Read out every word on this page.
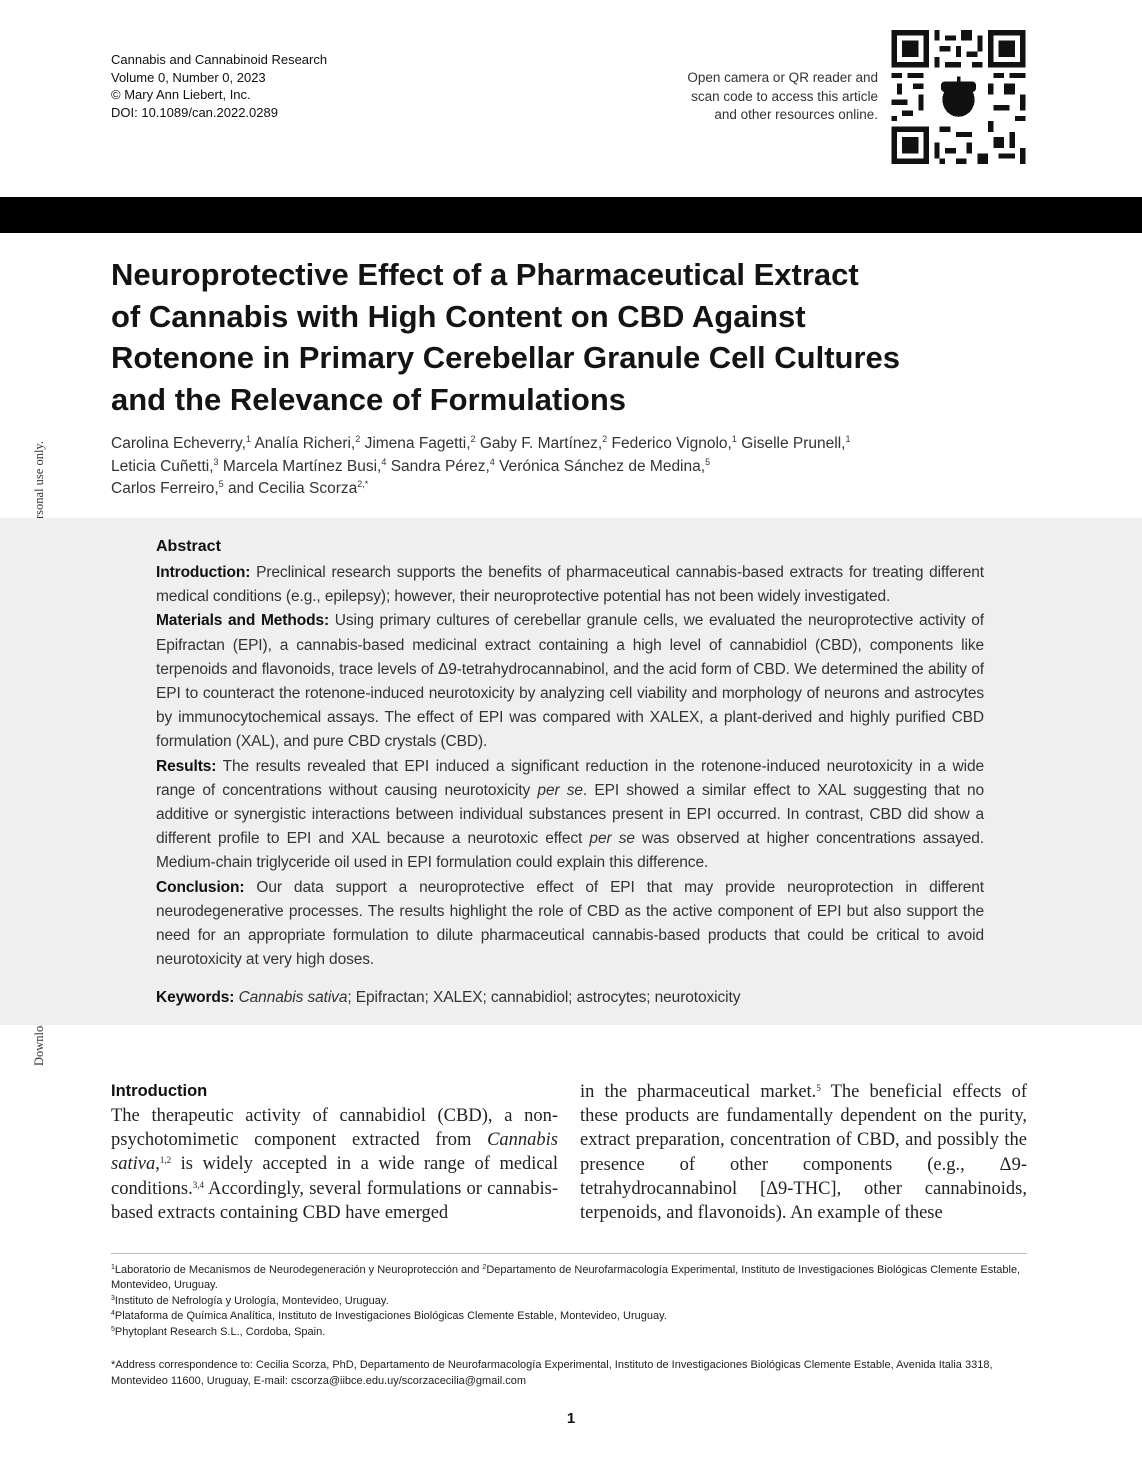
Cannabis and Cannabinoid Research
Volume 0, Number 0, 2023
© Mary Ann Liebert, Inc.
DOI: 10.1089/can.2022.0289
Open camera or QR reader and
scan code to access this article
and other resources online.
Neuroprotective Effect of a Pharmaceutical Extract
of Cannabis with High Content on CBD Against
Rotenone in Primary Cerebellar Granule Cell Cultures
and the Relevance of Formulations
Carolina Echeverry,$^1$ Analía Richeri,$^2$ Jimena Fagetti,$^2$ Gaby F. Martínez,$^2$ Federico Vignolo,$^1$ Giselle Prunell,$^1$
Leticia Cuñetti,$^3$ Marcela Martínez Busi,$^4$ Sandra Pérez,$^4$ Verónica Sánchez de Medina,$^5$
Carlos Ferreiro,$^5$ and Cecilia Scorza$^{2,*}$
Abstract

Introduction: Preclinical research supports the benefits of pharmaceutical cannabis-based extracts for treating different medical conditions (e.g., epilepsy); however, their neuroprotective potential has not been widely investigated.

Materials and Methods: Using primary cultures of cerebellar granule cells, we evaluated the neuroprotective activity of Epifractan (EPI), a cannabis-based medicinal extract containing a high level of cannabidiol (CBD), components like terpenoids and flavonoids, trace levels of Δ9-tetrahydrocannabinol, and the acid form of CBD. We determined the ability of EPI to counteract the rotenone-induced neurotoxicity by analyzing cell viability and morphology of neurons and astrocytes by immunocytochemical assays. The effect of EPI was compared with XALEX, a plant-derived and highly purified CBD formulation (XAL), and pure CBD crystals (CBD).

Results: The results revealed that EPI induced a significant reduction in the rotenone-induced neurotoxicity in a wide range of concentrations without causing neurotoxicity per se. EPI showed a similar effect to XAL suggesting that no additive or synergistic interactions between individual substances present in EPI occurred. In contrast, CBD did show a different profile to EPI and XAL because a neurotoxic effect per se was observed at higher concentrations assayed. Medium-chain triglyceride oil used in EPI formulation could explain this difference.

Conclusion: Our data support a neuroprotective effect of EPI that may provide neuroprotection in different neurodegenerative processes. The results highlight the role of CBD as the active component of EPI but also support the need for an appropriate formulation to dilute pharmaceutical cannabis-based products that could be critical to avoid neurotoxicity at very high doses.

Keywords: Cannabis sativa; Epifractan; XALEX; cannabidiol; astrocytes; neurotoxicity

Introduction

The therapeutic activity of cannabidiol (CBD), a non-psychotomimetic component extracted from Cannabis sativa,$^{1,2}$ is widely accepted in a wide range of medical conditions.$^{3,4}$ Accordingly, several formulations or cannabis-based extracts containing CBD have emerged

in the pharmaceutical market.$^5$ The beneficial effects of these products are fundamentally dependent on the purity, extract preparation, concentration of CBD, and possibly the presence of other components (e.g., Δ9-tetrahydrocannabinol [Δ9-THC], other cannabinoids, terpenoids, and flavonoids). An example of these

$^1$Laboratorio de Mecanismos de Neurodegeneración y Neuroprotección and $^2$Departamento de Neurofarmacología Experimental, Instituto de Investigaciones Biológicas Clemente Estable, Montevideo, Uruguay.

$^3$Instituto de Nefrología y Urología, Montevideo, Uruguay.

$^4$Plataforma de Química Analítica, Instituto de Investigaciones Biológicas Clemente Estable, Montevideo, Uruguay.

$^5$Phytoplant Research S.L., Cordoba, Spain.

*Address correspondence to: Cecilia Scorza, PhD, Departamento de Neurofarmacología Experimental, Instituto de Investigaciones Biológicas Clemente Estable, Avenida Italia 3318, Montevideo 11600, Uruguay, E-mail: cscorza@iibce.edu.uy/scorzacecilia@gmail.com

1
